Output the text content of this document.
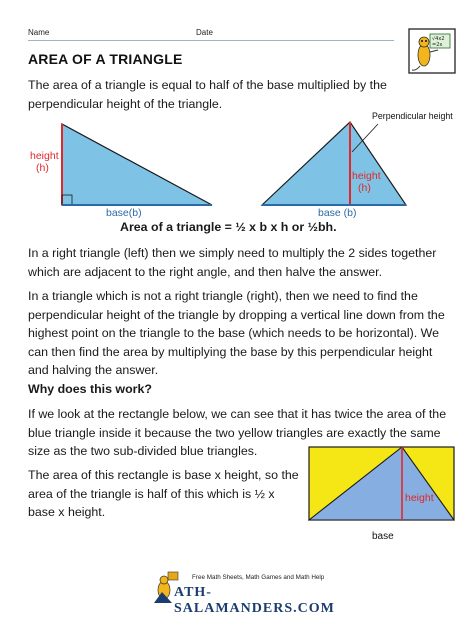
Name	Date
√4x2
=2x
AREA OF A TRIANGLE
The area of a triangle is equal to half of the base multiplied by the perpendicular height of the triangle.
height
(h)
base(b)
Perpendicular height
height
(h)
base (b)
Area of a triangle = ½ x b x h or ½bh.
In a right triangle (left) then we simply need to multiply the 2 sides together which are adjacent to the right angle, and then halve the answer.
In a triangle which is not a right triangle (right), then we need to find the perpendicular height of the triangle by dropping a vertical line down from the highest point on the triangle to the base (which needs to be horizontal). We can then find the area by multiplying the base by this perpendicular height and halving the answer.
Why does this work?
If we look at the rectangle below, we can see that it has twice the area of the blue triangle inside it because the two yellow triangles are exactly the same size as the two sub-divided blue triangles.
The area of this rectangle is base x height, so the area of the triangle is half of this which is ½ x base x height.
height
base
Free Math Sheets, Math Games and Math Help
ATH-SALAMANDERS.COM
